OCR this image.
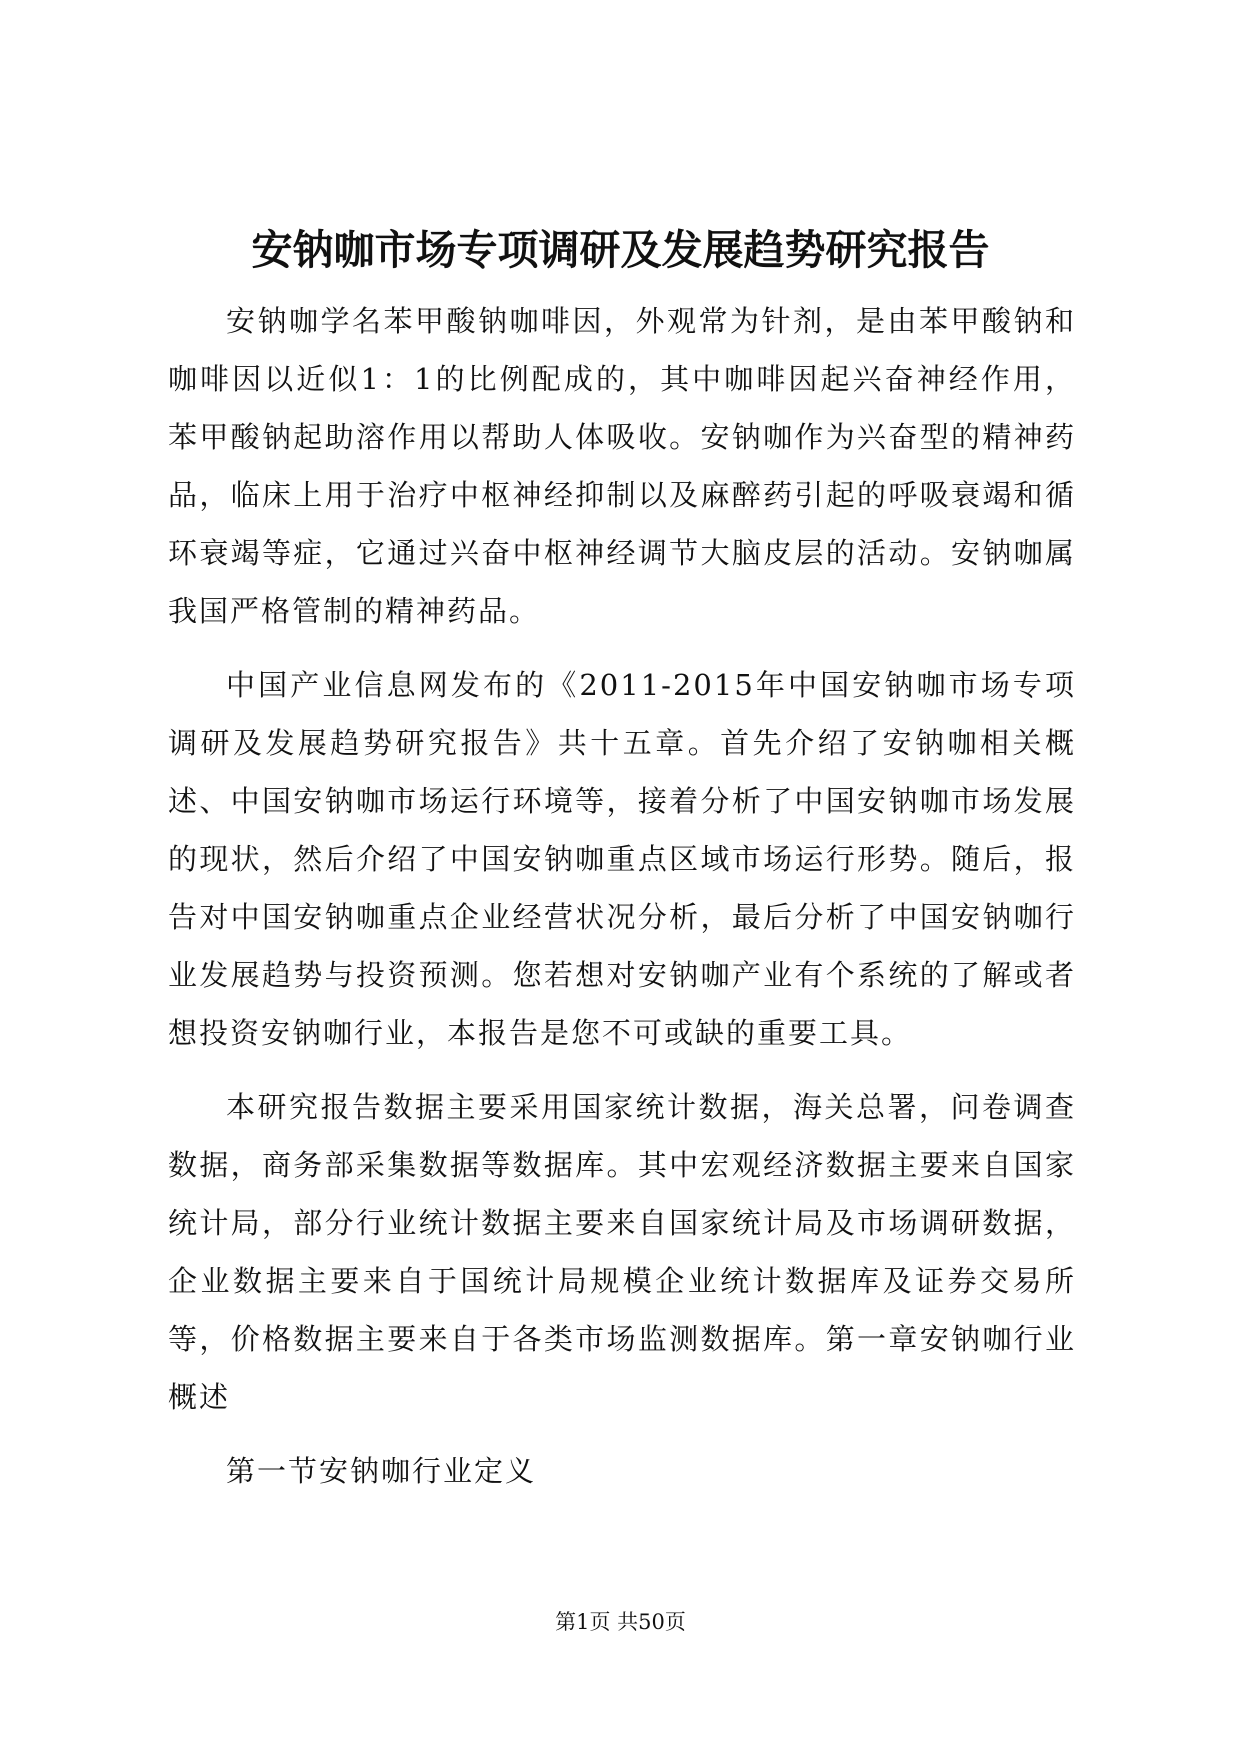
安钠咖市场专项调研及发展趋势研究报告

安钠咖学名苯甲酸钠咖啡因，外观常为针剂，是由苯甲酸钠和咖啡因以近似1：1的比例配成的，其中咖啡因起兴奋神经作用，苯甲酸钠起助溶作用以帮助人体吸收。安钠咖作为兴奋型的精神药品，临床上用于治疗中枢神经抑制以及麻醉药引起的呼吸衰竭和循环衰竭等症，它通过兴奋中枢神经调节大脑皮层的活动。安钠咖属我国严格管制的精神药品。

中国产业信息网发布的《2011-2015年中国安钠咖市场专项调研及发展趋势研究报告》共十五章。首先介绍了安钠咖相关概述、中国安钠咖市场运行环境等，接着分析了中国安钠咖市场发展的现状，然后介绍了中国安钠咖重点区域市场运行形势。随后，报告对中国安钠咖重点企业经营状况分析，最后分析了中国安钠咖行业发展趋势与投资预测。您若想对安钠咖产业有个系统的了解或者想投资安钠咖行业，本报告是您不可或缺的重要工具。

本研究报告数据主要采用国家统计数据，海关总署，问卷调查数据，商务部采集数据等数据库。其中宏观经济数据主要来自国家统计局，部分行业统计数据主要来自国家统计局及市场调研数据，企业数据主要来自于国统计局规模企业统计数据库及证券交易所等，价格数据主要来自于各类市场监测数据库。第一章安钠咖行业概述

第一节安钠咖行业定义

第1页 共50页
